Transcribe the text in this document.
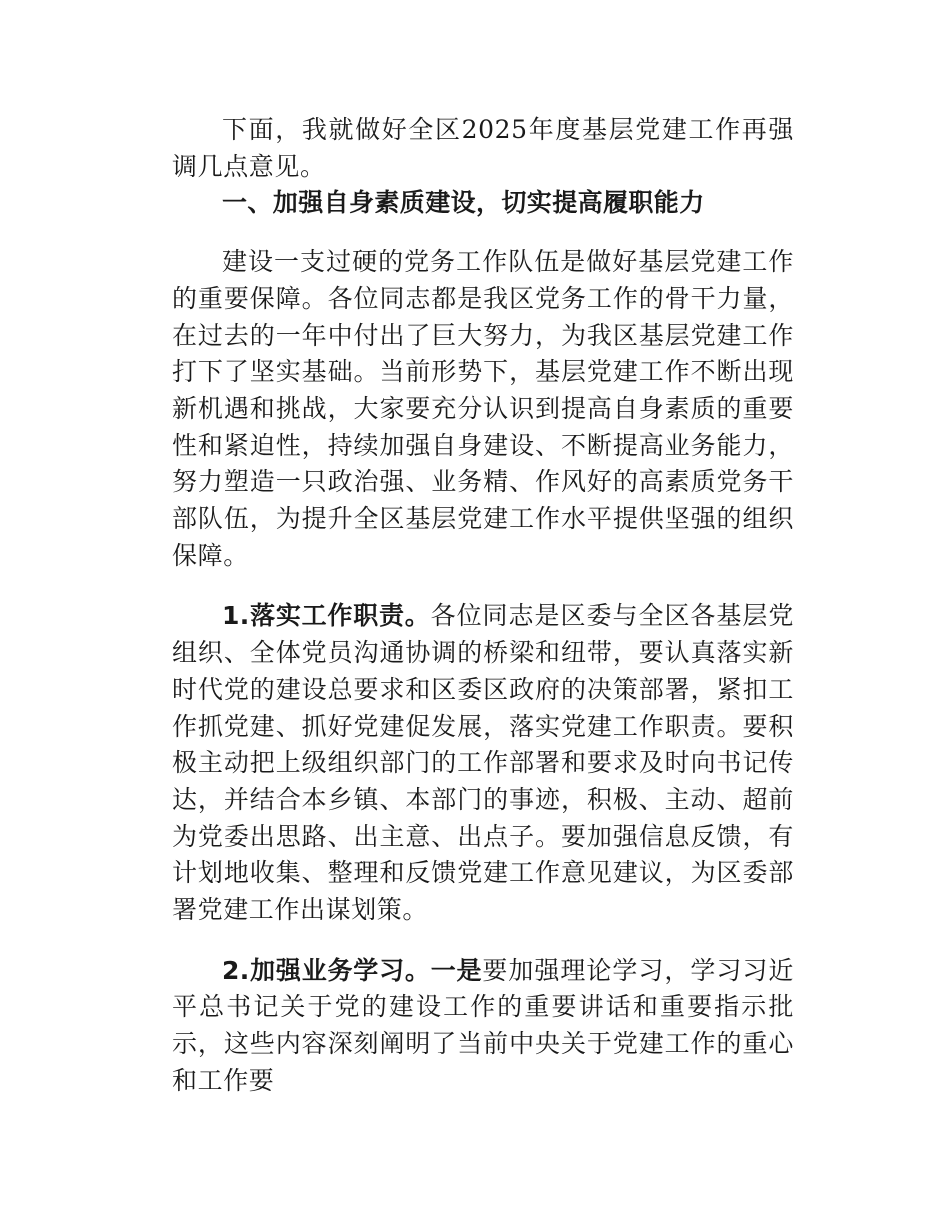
下面，我就做好全区2025年度基层党建工作再强调几点意见。

一、加强自身素质建设，切实提高履职能力

建设一支过硬的党务工作队伍是做好基层党建工作的重要保障。各位同志都是我区党务工作的骨干力量，在过去的一年中付出了巨大努力，为我区基层党建工作打下了坚实基础。当前形势下，基层党建工作不断出现新机遇和挑战，大家要充分认识到提高自身素质的重要性和紧迫性，持续加强自身建设、不断提高业务能力，努力塑造一只政治强、业务精、作风好的高素质党务干部队伍，为提升全区基层党建工作水平提供坚强的组织保障。

1.落实工作职责。各位同志是区委与全区各基层党组织、全体党员沟通协调的桥梁和纽带，要认真落实新时代党的建设总要求和区委区政府的决策部署，紧扣工作抓党建、抓好党建促发展，落实党建工作职责。要积极主动把上级组织部门的工作部署和要求及时向书记传达，并结合本乡镇、本部门的事迹，积极、主动、超前为党委出思路、出主意、出点子。要加强信息反馈，有计划地收集、整理和反馈党建工作意见建议，为区委部署党建工作出谋划策。

2.加强业务学习。一是要加强理论学习，学习习近平总书记关于党的建设工作的重要讲话和重要指示批示，这些内容深刻阐明了当前中央关于党建工作的重心和工作要
